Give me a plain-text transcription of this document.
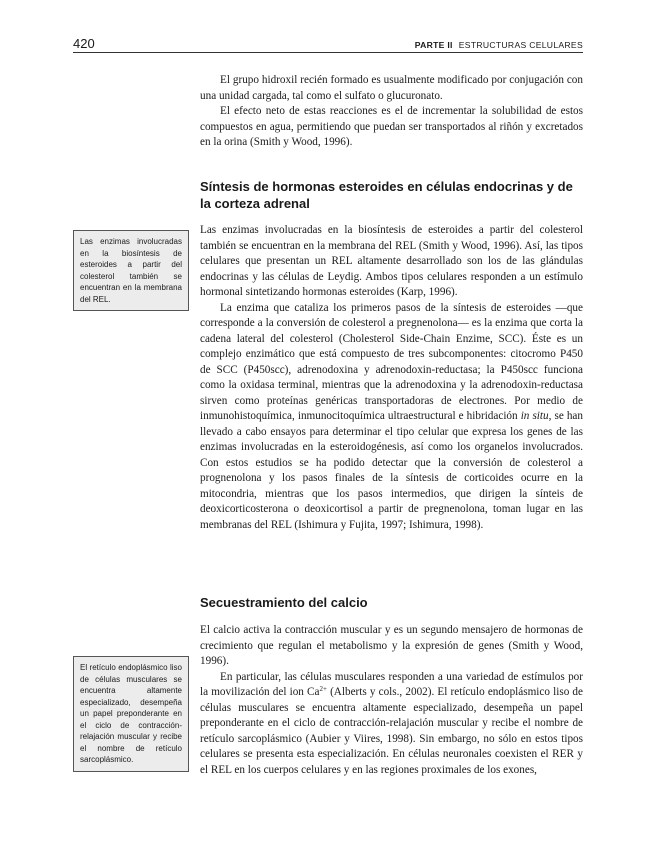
420	PARTE II ESTRUCTURAS CELULARES

El grupo hidroxil recién formado es usualmente modificado por conjugación con una unidad cargada, tal como el sulfato o glucuronato.

El efecto neto de estas reacciones es el de incrementar la solubilidad de estos compuestos en agua, permitiendo que puedan ser transportados al riñón y excretados en la orina (Smith y Wood, 1996).

Síntesis de hormonas esteroides en células endocrinas y de la corteza adrenal
Las enzimas involucradas en la biosíntesis de esteroides a partir del colesterol también se encuentran en la membrana del REL.

Las enzimas involucradas en la biosíntesis de esteroides a partir del colesterol también se encuentran en la membrana del REL (Smith y Wood, 1996). Así, las tipos celulares que presentan un REL altamente desarrollado son los de las glándulas endocrinas y las células de Leydig. Ambos tipos celulares responden a un estímulo hormonal sintetizando hormonas esteroides (Karp, 1996).

La enzima que cataliza los primeros pasos de la síntesis de esteroides —que corresponde a la conversión de colesterol a pregnenolona— es la enzima que corta la cadena lateral del colesterol (Cholesterol Side-Chain Enzime, SCC). Éste es un complejo enzimático que está compuesto de tres subcomponentes: citocromo P450 de SCC (P450scc), adrenodoxina y adrenodoxin-reductasa; la P450scc funciona como la oxidasa terminal, mientras que la adrenodoxina y la adrenodoxin-reductasa sirven como proteínas genéricas transportadoras de electrones. Por medio de inmunohistoquímica, inmunocitoquímica ultraestructural e hibridación in situ, se han llevado a cabo ensayos para determinar el tipo celular que expresa los genes de las enzimas involucradas en la esteroidogénesis, así como los organelos involucrados. Con estos estudios se ha podido detectar que la conversión de colesterol a prognenolona y los pasos finales de la síntesis de corticoides ocurre en la mitocondria, mientras que los pasos intermedios, que dirigen la sínteis de deoxicorticosterona o deoxicortisol a partir de pregnenolona, toman lugar en las membranas del REL (Ishimura y Fujita, 1997; Ishimura, 1998).

Secuestramiento del calcio
El retículo endoplásmico liso de células musculares se encuentra altamente especializado, desempeña un papel preponderante en el ciclo de contracción-relajación muscular y recibe el nombre de retículo sarcoplásmico.

El calcio activa la contracción muscular y es un segundo mensajero de hormonas de crecimiento que regulan el metabolismo y la expresión de genes (Smith y Wood, 1996).

En particular, las células musculares responden a una variedad de estímulos por la movilización del ion $Ca^{2+}$ (Alberts y cols., 2002). El retículo endoplásmico liso de células musculares se encuentra altamente especializado, desempeña un papel preponderante en el ciclo de contracción-relajación muscular y recibe el nombre de retículo sarcoplásmico (Aubier y Viires, 1998). Sin embargo, no sólo en estos tipos celulares se presenta esta especialización. En células neuronales coexisten el RER y el REL en los cuerpos celulares y en las regiones proximales de los exones,
